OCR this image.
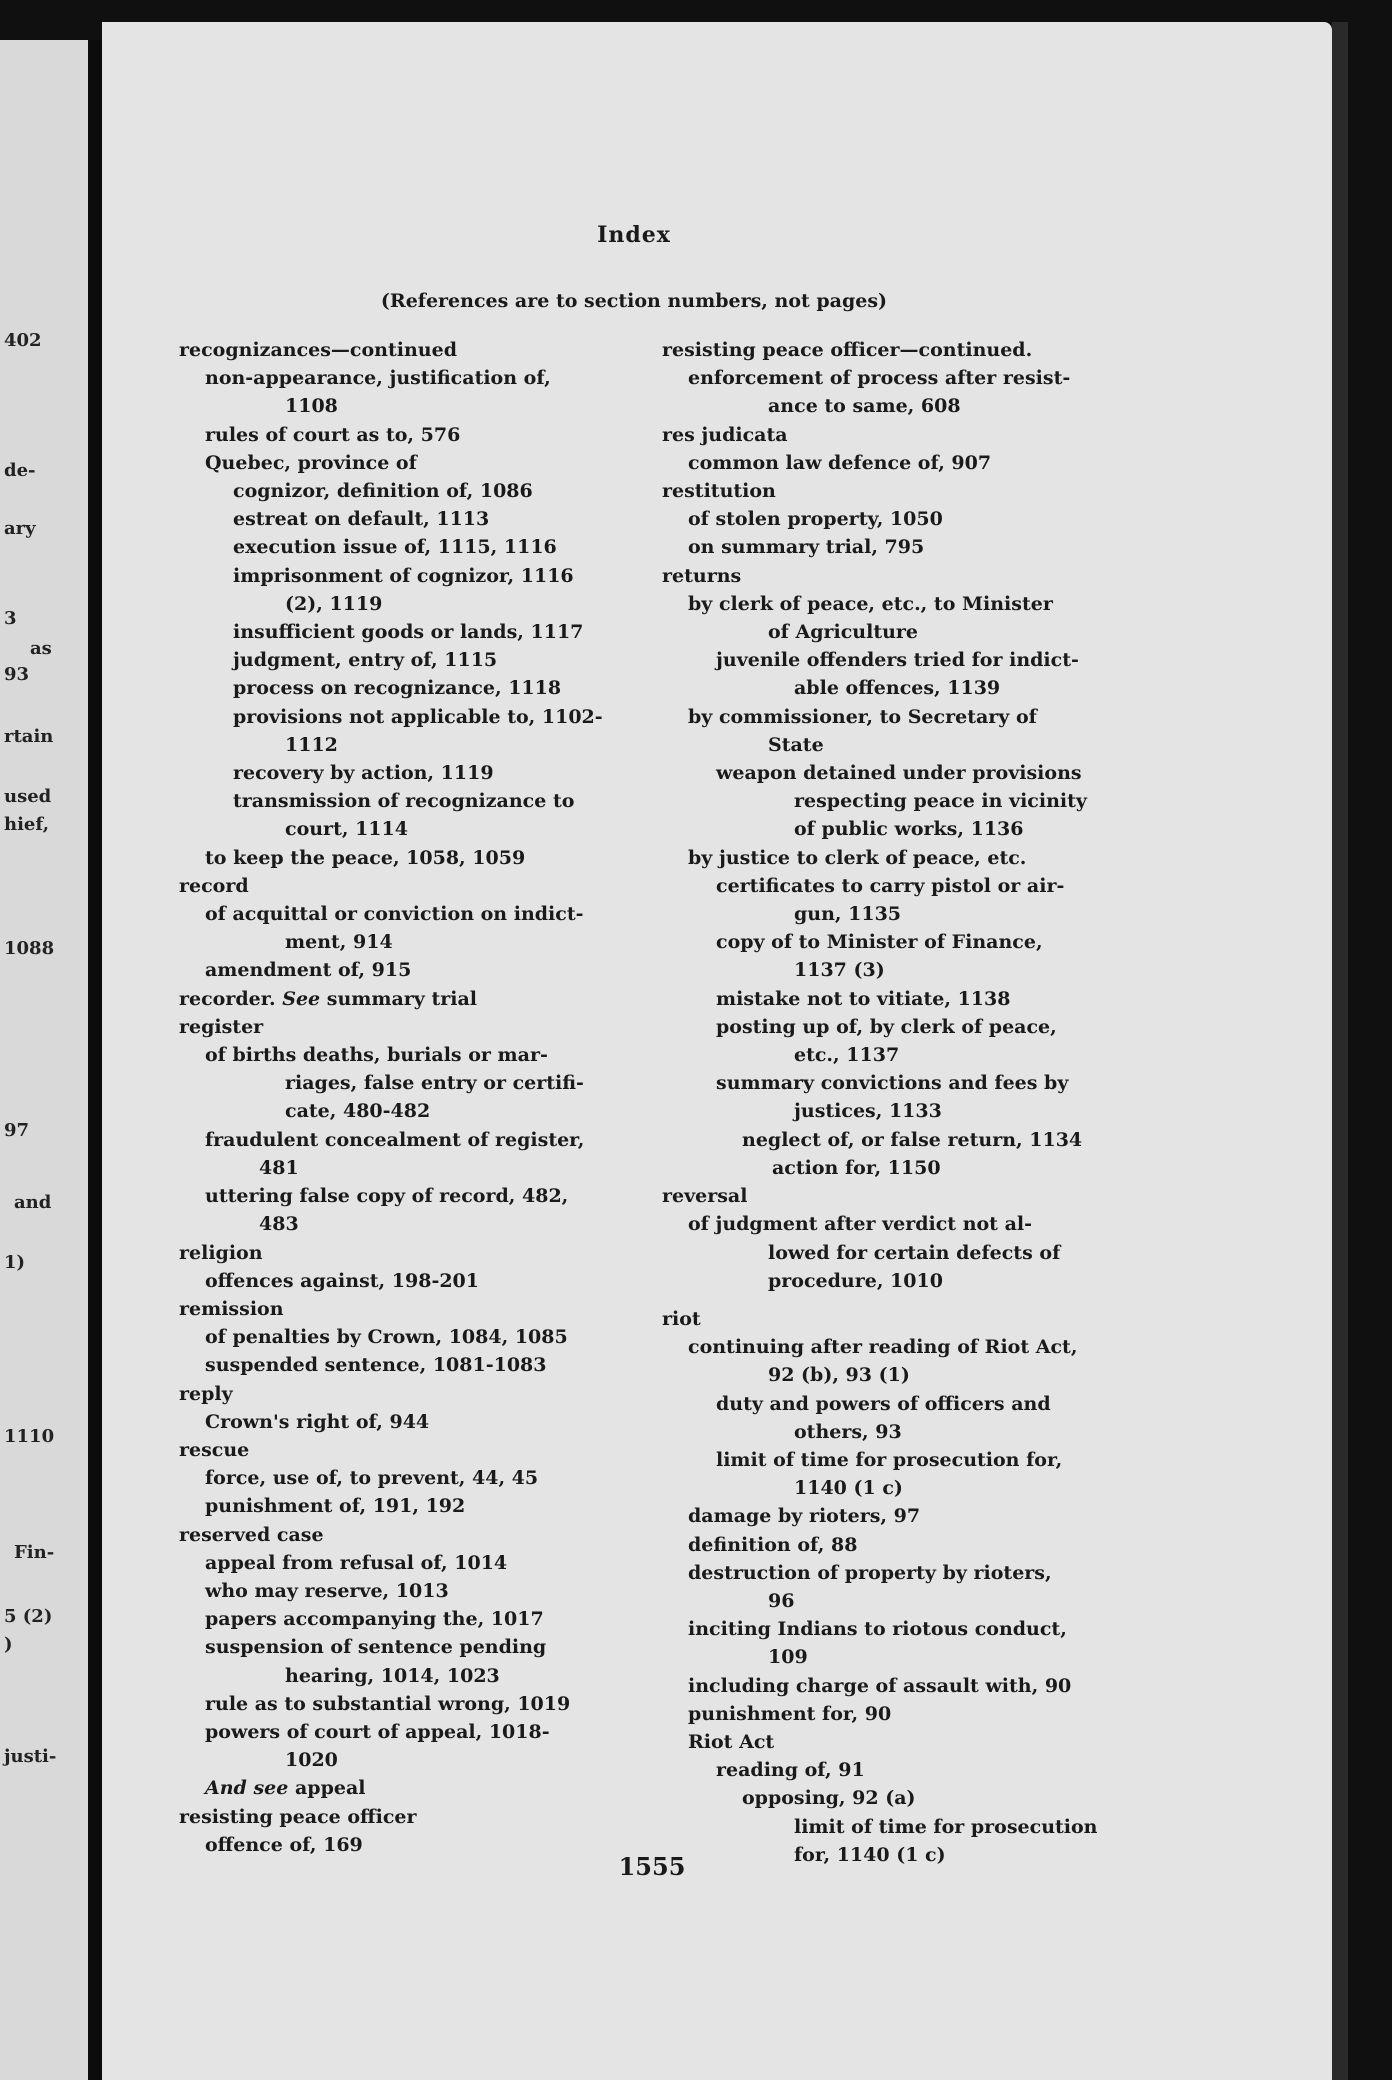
402
de-
ary
3
as
93
rtain
used
hief,
1088
97
and
1)
1110
Fin-
5 (2)
)
justi-
Index
(References are to section numbers, not pages)
recognizances—continued
non-appearance, justification of,
1108
rules of court as to, 576
Quebec, province of
cognizor, definition of, 1086
estreat on default, 1113
execution issue of, 1115, 1116
imprisonment of cognizor, 1116
(2), 1119
insufficient goods or lands, 1117
judgment, entry of, 1115
process on recognizance, 1118
provisions not applicable to, 1102-
1112
recovery by action, 1119
transmission of recognizance to
court, 1114
to keep the peace, 1058, 1059
record
of acquittal or conviction on indict-
ment, 914
amendment of, 915
recorder. See summary trial
register
of births deaths, burials or mar-
riages, false entry or certifi-
cate, 480-482
fraudulent concealment of register,
481
uttering false copy of record, 482,
483
religion
offences against, 198-201
remission
of penalties by Crown, 1084, 1085
suspended sentence, 1081-1083
reply
Crown's right of, 944
rescue
force, use of, to prevent, 44, 45
punishment of, 191, 192
reserved case
appeal from refusal of, 1014
who may reserve, 1013
papers accompanying the, 1017
suspension of sentence pending
hearing, 1014, 1023
rule as to substantial wrong, 1019
powers of court of appeal, 1018-
1020
And see appeal
resisting peace officer
offence of, 169
resisting peace officer—continued.
enforcement of process after resist-
ance to same, 608
res judicata
common law defence of, 907
restitution
of stolen property, 1050
on summary trial, 795
returns
by clerk of peace, etc., to Minister
of Agriculture
juvenile offenders tried for indict-
able offences, 1139
by commissioner, to Secretary of
State
weapon detained under provisions
respecting peace in vicinity
of public works, 1136
by justice to clerk of peace, etc.
certificates to carry pistol or air-
gun, 1135
copy of to Minister of Finance,
1137 (3)
mistake not to vitiate, 1138
posting up of, by clerk of peace,
etc., 1137
summary convictions and fees by
justices, 1133
neglect of, or false return, 1134
action for, 1150
reversal
of judgment after verdict not al-
lowed for certain defects of
procedure, 1010
riot
continuing after reading of Riot Act,
92 (b), 93 (1)
duty and powers of officers and
others, 93
limit of time for prosecution for,
1140 (1 c)
damage by rioters, 97
definition of, 88
destruction of property by rioters,
96
inciting Indians to riotous conduct,
109
including charge of assault with, 90
punishment for, 90
Riot Act
reading of, 91
opposing, 92 (a)
limit of time for prosecution
for, 1140 (1 c)
1555
